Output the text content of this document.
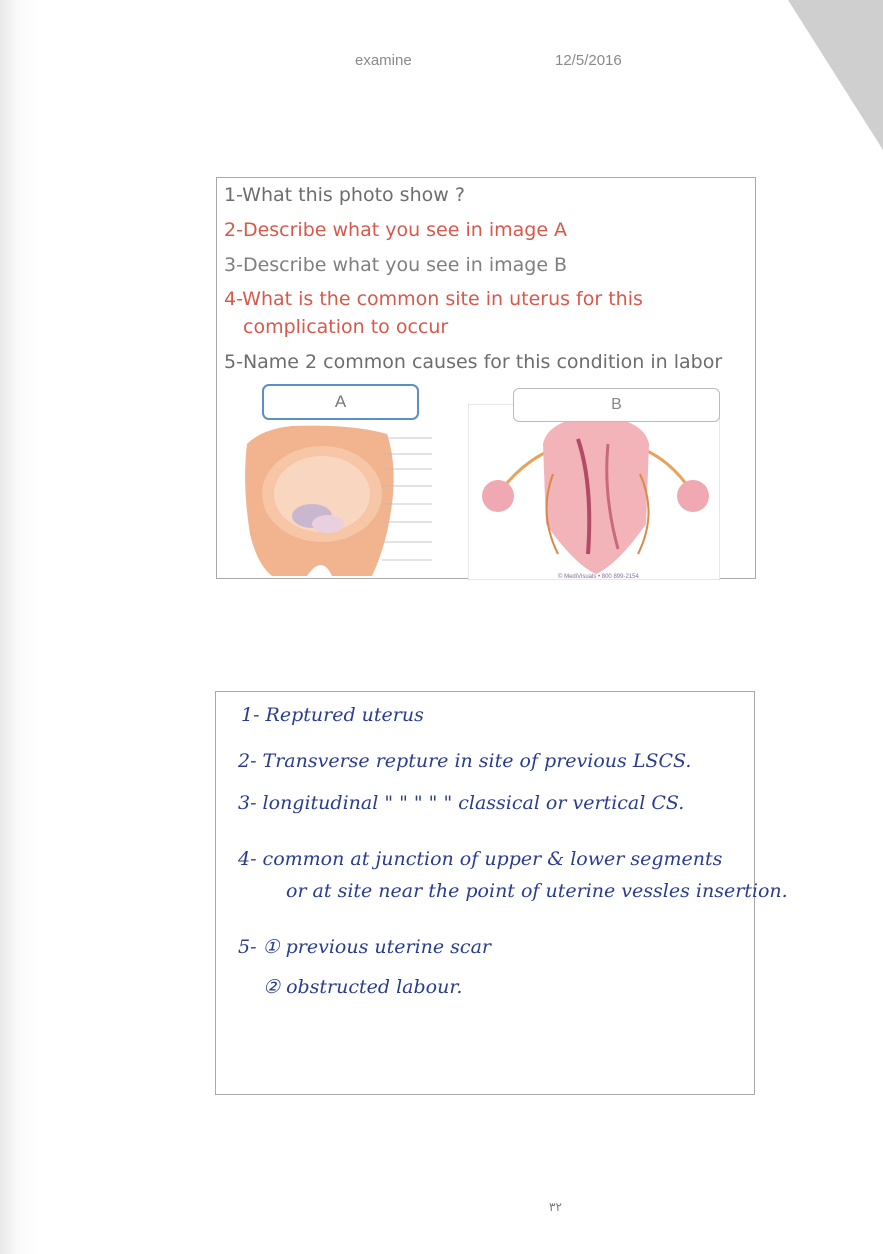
examine	12/5/2016
1-What this photo show ?
2-Describe what you see in image A
3-Describe what you see in image B
4-What is the common site in uterus for this
complication to occur
5-Name 2 common causes for this condition in labor
© MediVisuals • 800 899-2154
A	B
1- Reptured uterus
2- Transverse repture in site of previous LSCS.
3- longitudinal " " " " " classical or vertical CS.
4- common at junction of upper & lower segments
or at site near the point of uterine vessles insertion.
5- ① previous uterine scar
② obstructed labour.
٣٢
